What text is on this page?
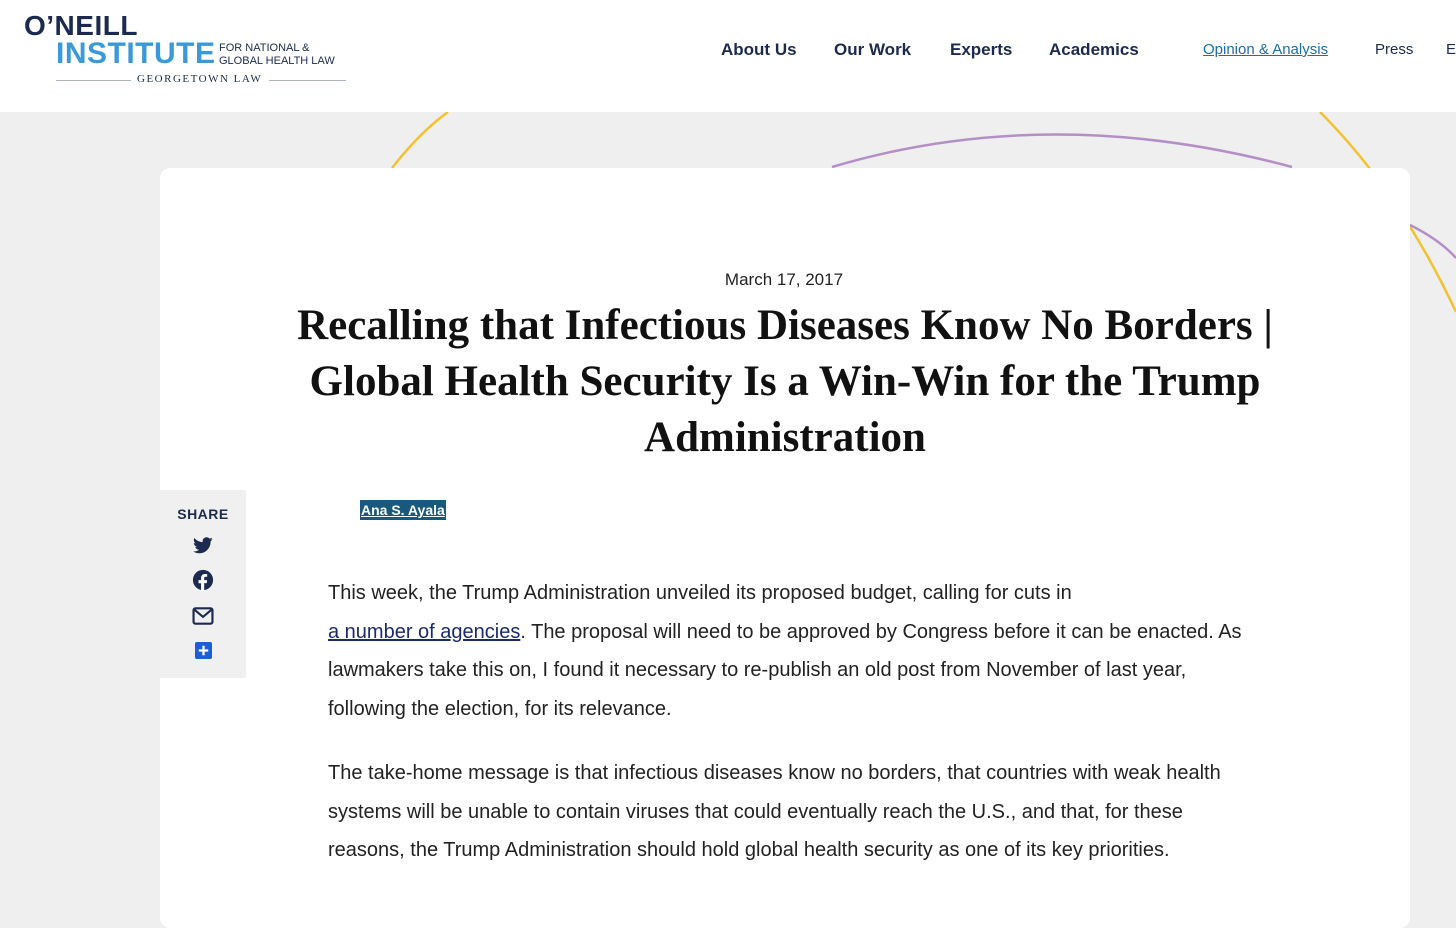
O’NEILL
INSTITUTE FOR NATIONAL &
GLOBAL HEALTH LAW
GEORGETOWN LAW
About Us Our Work Experts Academics	Opinion & Analysis	Press E
March 17, 2017
Recalling that Infectious Diseases Know No Borders |
Global Health Security Is a Win-Win for the Trump
Administration
Ana S. Ayala
SHARE
This week, the Trump Administration unveiled its proposed budget, calling for cuts in
a number of agencies. The proposal will need to be approved by Congress before it can be enacted. As lawmakers take this on, I found it necessary to re-publish an old post from November of last year, following the election, for its relevance.
The take-home message is that infectious diseases know no borders, that countries with weak health systems will be unable to contain viruses that could eventually reach the U.S., and that, for these reasons, the Trump Administration should hold global health security as one of its key priorities.
